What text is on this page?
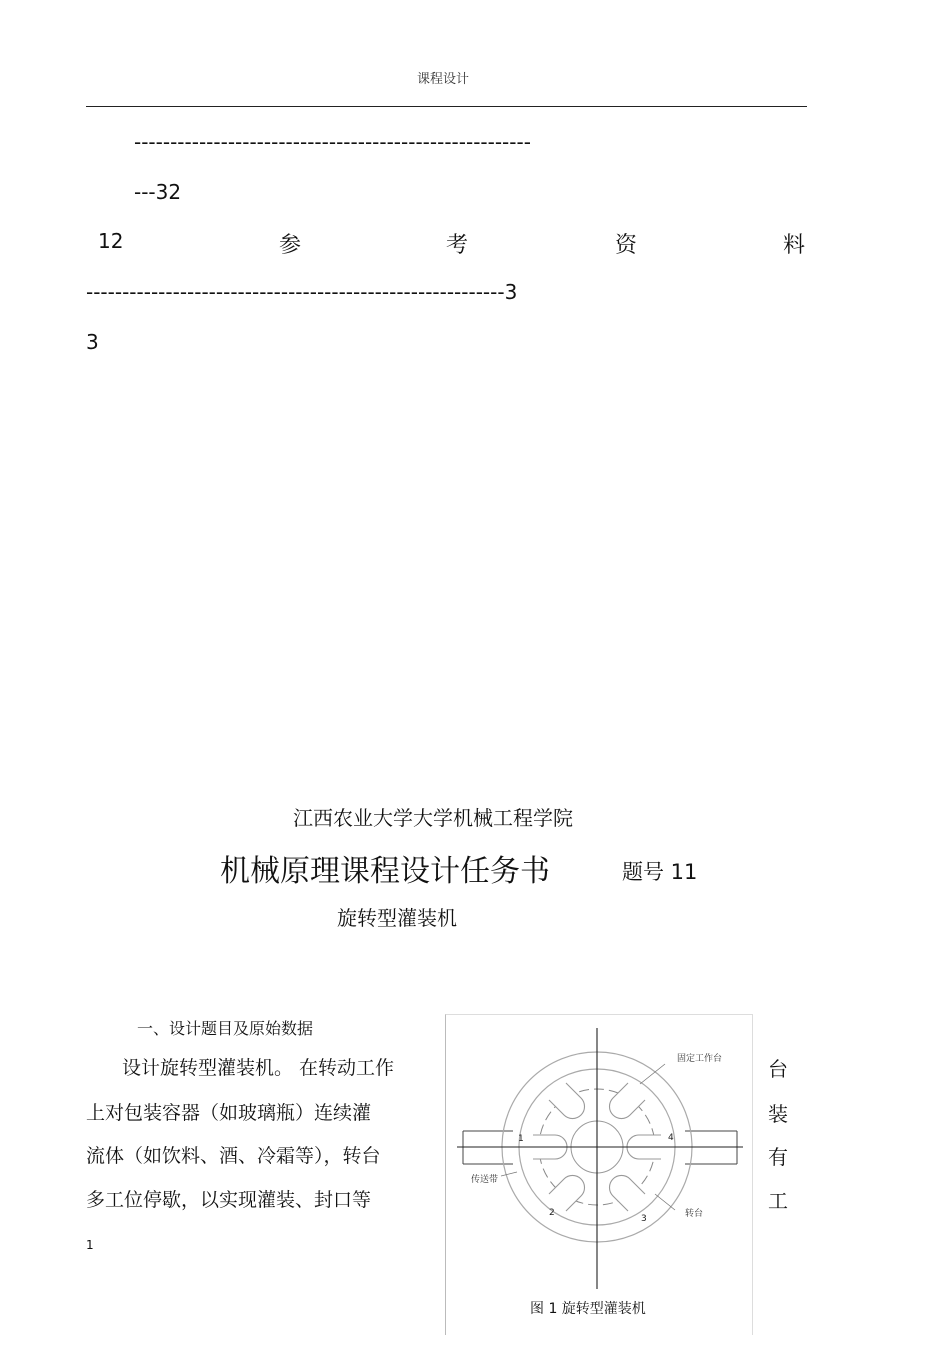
课程设计
-------------------------------------------------------
---32
12	参	考	资	料
----------------------------------------------------------3
3
江西农业大学大学机械工程学院
机械原理课程设计任务书	题号 11
旋转型灌装机
一、设计题目及原始数据
设计旋转型灌装机。 在转动工作
上对包装容器（如玻璃瓶）连续灌
流体（如饮料、酒、冷霜等），转台
多工位停歇，以实现灌装、封口等
台
装
有
工
1
固定工作台
传送带
转台
1
2
3
4
图 1 旋转型灌装机
